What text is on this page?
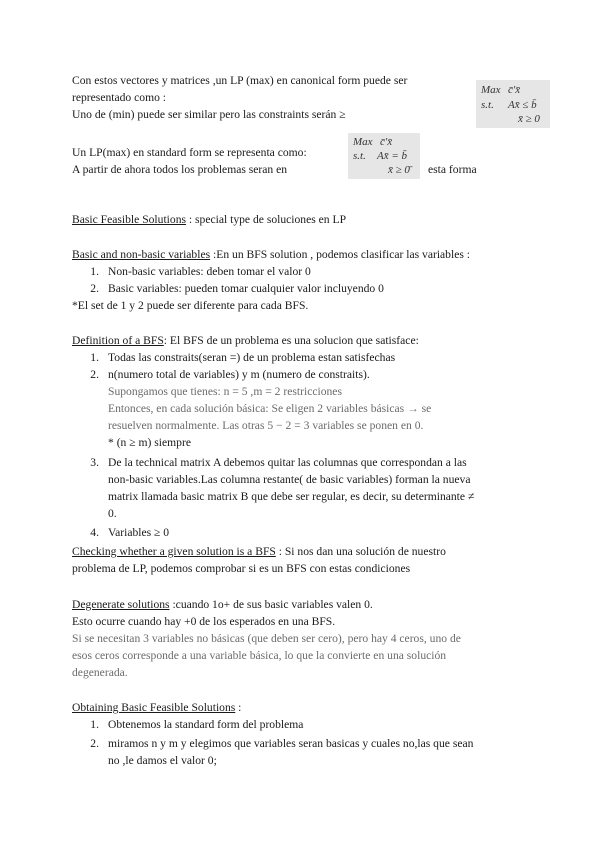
Con estos vectores y matrices ,un LP (max) en canonical form puede ser
representado como :
Uno de (min) puede ser similar pero las constraints serán ≥
Max c̄'x̄
s.t. Ax̄ ≤ b̄
x̄ ≥ 0
Un LP(max) en standard form se representa como:
A partir de ahora todos los problemas seran en	esta forma
Max c̄'x̄
s.t. Ax̄ = b̄
x̄ ≥ 0̄
Basic Feasible Solutions : special type de soluciones en LP
Basic and non-basic variables :En un BFS solution , podemos clasificar las variables :
1. Non-basic variables: deben tomar el valor 0
2. Basic variables: pueden tomar cualquier valor incluyendo 0
*El set de 1 y 2 puede ser diferente para cada BFS.
Definition of a BFS: El BFS de un problema es una solucion que satisface:
1. Todas las constraits(seran =) de un problema estan satisfechas
2. n(numero total de variables) y m (numero de constraits).
Supongamos que tienes: n = 5 ,m = 2 restricciones
Entonces, en cada solución básica: Se eligen 2 variables básicas → se
resuelven normalmente. Las otras 5 − 2 = 3 variables se ponen en 0.
* (n ≥ m) siempre
3. De la technical matrix A debemos quitar las columnas que correspondan a las
non-basic variables.Las columna restante( de basic variables) forman la nueva
matrix llamada basic matrix B que debe ser regular, es decir, su determinante ≠
0.
4. Variables ≥ 0
Checking whether a given solution is a BFS : Si nos dan una solución de nuestro
problema de LP, podemos comprobar si es un BFS con estas condiciones
Degenerate solutions :cuando 1o+ de sus basic variables valen 0.
Esto ocurre cuando hay +0 de los esperados en una BFS.
Si se necesitan 3 variables no básicas (que deben ser cero), pero hay 4 ceros, uno de
esos ceros corresponde a una variable básica, lo que la convierte en una solución
degenerada.
Obtaining Basic Feasible Solutions :
1. Obtenemos la standard form del problema
2. miramos n y m y elegimos que variables seran basicas y cuales no,las que sean
no ,le damos el valor 0;
